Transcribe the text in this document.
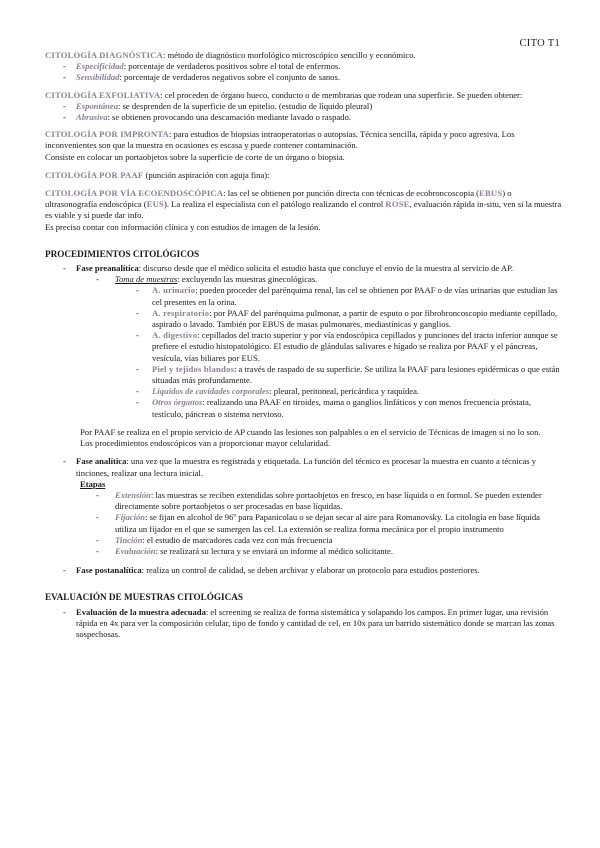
CITO T1

CITOLOGÍA DIAGNÓSTICA: método de diagnóstico morfológico microscópico sencillo y económico.

- Especificidad: porcentaje de verdaderos positivos sobre el total de enfermos.
- Sensibilidad: porcentaje de verdaderos negativos sobre el conjunto de sanos.

CITOLOGÍA EXFOLIATIVA: cel proceden de órgano hueco, conducto o de membranas que rodean una superficie. Se pueden obtener:

- Espontánea: se desprenden de la superficie de un epitelio. (estudio de líquido pleural)
- Abrasiva: se obtienen provocando una descamación mediante lavado o raspado.

CITOLOGÍA POR IMPRONTA: para estudios de biopsias intraoperatorias o autopsias. Técnica sencilla, rápida y poco agresiva. Los inconvenientes son que la muestra en ocasiones es escasa y puede contener contaminación.

Consiste en colocar un portaobjetos sobre la superficie de corte de un órgano o biopsia.

CITOLOGÍA POR PAAF (punción aspiración con aguja fina):

CITOLOGÍA POR VÍA ECOENDOSCÓPICA: las cel se obtienen por punción directa con técnicas de ecobroncoscopia (EBUS) o ultrasonografía endoscópica (EUS). La realiza el especialista con el patólogo realizando el control ROSE, evaluación rápida in-situ, ven si la muestra es viable y si puede dar info.

Es preciso contar con información clínica y con estudios de imagen de la lesión.

PROCEDIMIENTOS CITOLÓGICOS

- Fase preanalítica: discurso desde que el médico solicita el estudio hasta que concluye el envío de la muestra al servicio de AP.
- Toma de muestras: excluyendo las muestras ginecológicas.
- A. urinario: pueden proceder del parénquima renal, las cel se obtienen por PAAF o de vías urinarias que estudian las cel presentes en la orina.
- A. respiratorio: por PAAF del parénquima pulmonar, a partir de esputo o por fibrobroncoscopio mediante cepillado, aspirado o lavado. También por EBUS de masas pulmonares, mediastínicas y ganglios.
- A. digestivo: cepillados del tracto superior y por vía endoscópica cepillados y punciones del tracto inferior aunque se prefiere el estudio histopatológico. El estudio de glándulas salivares e hígado se realiza por PAAF y el páncreas, vesícula, vías biliares por EUS.
- Piel y tejidos blandos: a través de raspado de su superficie. Se utiliza la PAAF para lesiones epidérmicas o que están situadas más profundamente.
- Líquidos de cavidades corporales: pleural, peritoneal, pericárdica y raquídea.
- Otros órganos: realizando una PAAF en tiroides, mama o ganglios linfáticos y con menos frecuencia próstata, testículo, páncreas o sistema nervioso.

Por PAAF se realiza en el propio servicio de AP cuando las lesiones son palpables o en el servicio de Técnicas de imagen si no lo son.

Los procedimientos endoscópicos van a proporcionar mayor celularidad.

- Fase analítica: una vez que la muestra es registrada y etiquetada. La función del técnico es procesar la muestra en cuanto a técnicas y tinciones, realizar una lectura inicial.

Etapas

- Extensión: las muestras se reciben extendidas sobre portaobjetos en fresco, en base líquida o en formol. Se pueden extender directamente sobre portaobjetos o ser procesadas en base líquidas.
- Fijación: se fijan en alcohol de 96º para Papanicolau o se dejan secar al aire para Romanovsky. La citología en base líquida utiliza un fijador en el que se sumergen las cel. La extensión se realiza forma mecánica por el propio instrumento
- Tinción: el estudio de marcadores cada vez con más frecuencia
- Evaluación: se realizará su lectura y se enviará un informe al médico solicitante.
- Fase postanalítica: realiza un control de calidad, se deben archivar y elaborar un protocolo para estudios posteriores.

EVALUACIÓN DE MUESTRAS CITOLÓGICAS

- Evaluación de la muestra adecuada: el screening se realiza de forma sistemática y solapando los campos. En primer lugar, una revisión rápida en 4x para ver la composición celular, tipo de fondo y cantidad de cel, en 10x para un barrido sistemático donde se marcan las zonas sospechosas.
